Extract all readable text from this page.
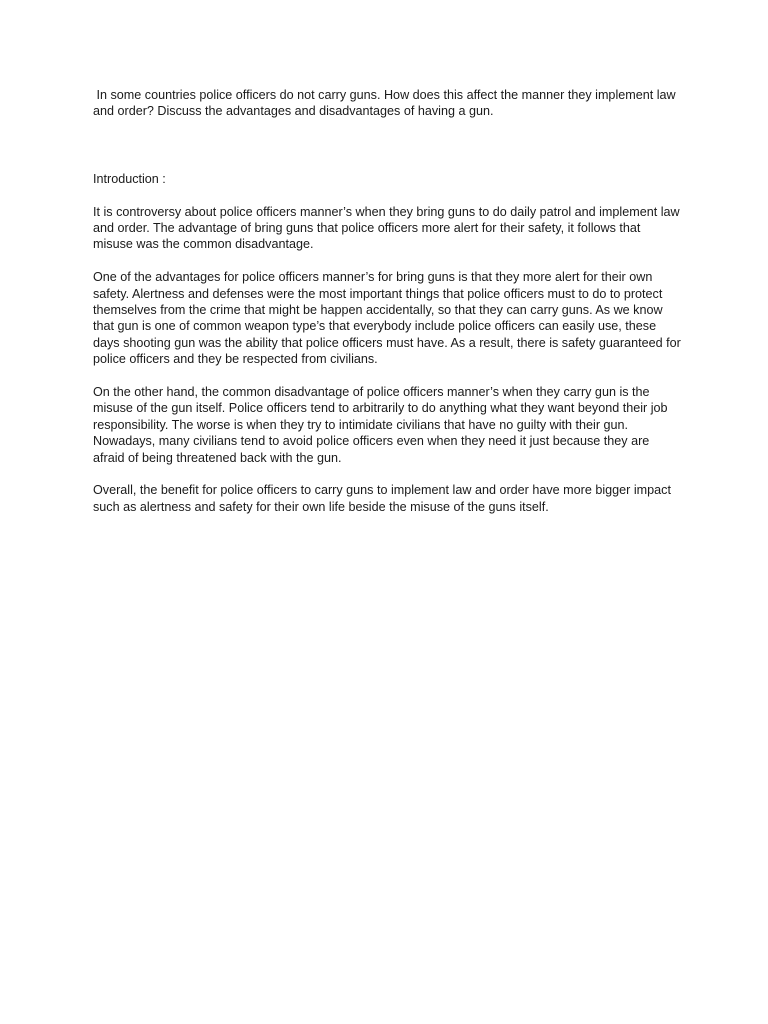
In some countries police officers do not carry guns. How does this affect the manner they implement law and order? Discuss the advantages and disadvantages of having a gun.

Introduction :

It is controversy about police officers manner’s when they bring guns to do daily patrol and implement law and order. The advantage of bring guns that police officers more alert for their safety, it follows that misuse was the common disadvantage.

One of the advantages for police officers manner’s for bring guns is that they more alert for their own safety. Alertness and defenses were the most important things that police officers must to do to protect themselves from the crime that might be happen accidentally, so that they can carry guns. As we know that gun is one of common weapon type’s that everybody include police officers can easily use, these days shooting gun was the ability that police officers must have. As a result, there is safety guaranteed for police officers and they be respected from civilians.

On the other hand, the common disadvantage of police officers manner’s when they carry gun is the misuse of the gun itself. Police officers tend to arbitrarily to do anything what they want beyond their job responsibility. The worse is when they try to intimidate civilians that have no guilty with their gun. Nowadays, many civilians tend to avoid police officers even when they need it just because they are afraid of being threatened back with the gun.

Overall, the benefit for police officers to carry guns to implement law and order have more bigger impact such as alertness and safety for their own life beside the misuse of the guns itself.
